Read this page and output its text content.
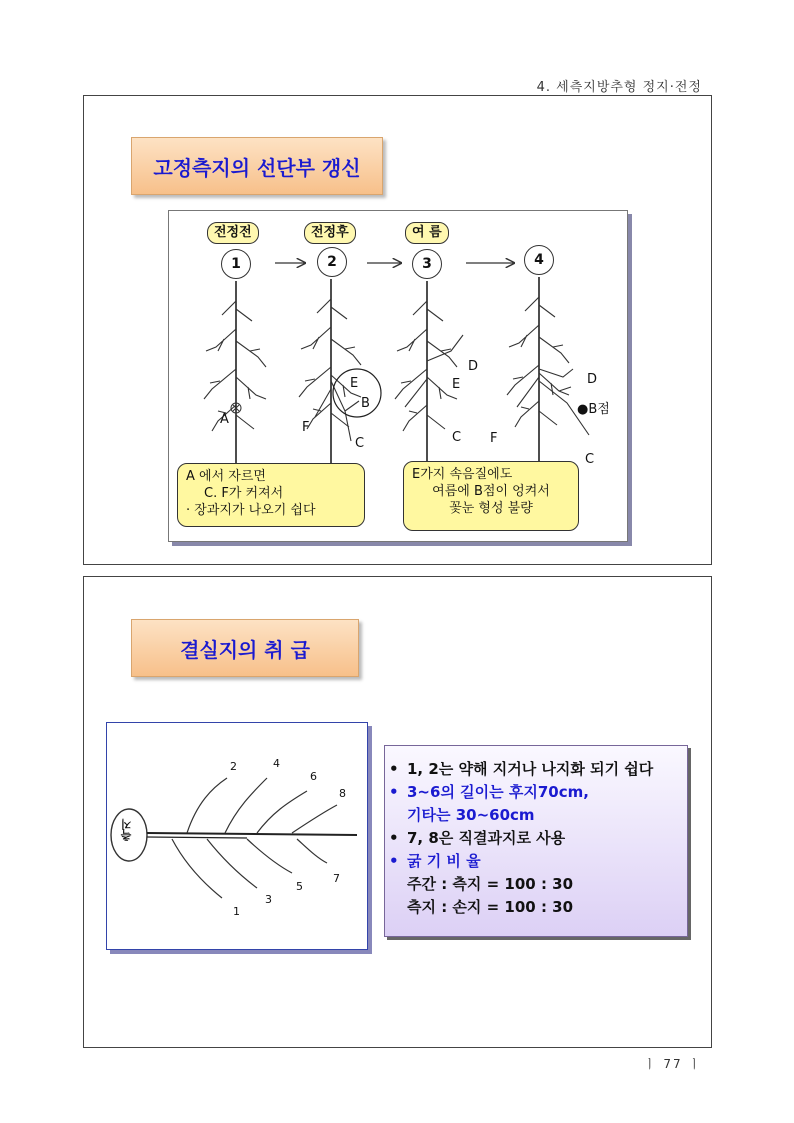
4. 세측지방추형 정지·전정
고정측지의 선단부 갱신
전정전	전정후	여 름
1	2	3	4
A
E
B
F
C
D
E
C F
D
●B점
C
A 에서 자르면
C. F가 커져서
· 장과지가 나오기 쉽다
E가지 속음질에도
여름에 B점이 엉켜서
꽃눈 형성 불량
결실지의 취 급
측지
2	4
6
8
1
3
5
7
• 1, 2는 약해 지거나 나지화 되기 쉽다
• 3~6의 길이는 후지70cm,
기타는 30~60cm
• 7, 8은 직결과지로 사용
• 굵 기 비 율
주간 : 측지 = 100 : 30
측지 : 손지 = 100 : 30
ㅣ 77 ㅣ
